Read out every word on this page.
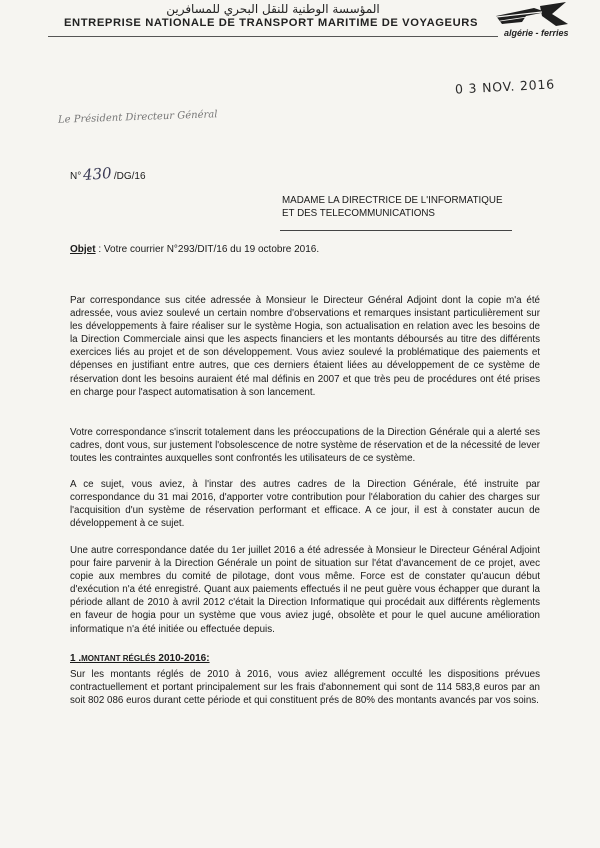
المؤسسة الوطنية للنقل البحري للمسافرين
ENTREPRISE NATIONALE DE TRANSPORT MARITIME DE VOYAGEURS
algérie - ferries
0 3 NOV. 2016
Le Président Directeur Général
N°430/DG/16
MADAME LA DIRECTRICE DE L'INFORMATIQUE
ET DES TELECOMMUNICATIONS
Objet : Votre courrier N°293/DIT/16 du 19 octobre 2016.

Par correspondance sus citée adressée à Monsieur le Directeur Général Adjoint dont la copie m'a été adressée, vous aviez soulevé un certain nombre d'observations et remarques insistant particulièrement sur les développements à faire réaliser sur le système Hogia, son actualisation en relation avec les besoins de la Direction Commerciale ainsi que les aspects financiers et les montants déboursés au titre des différents exercices liés au projet et de son développement. Vous aviez soulevé la problématique des paiements et dépenses en justifiant entre autres, que ces derniers étaient liées au développement de ce système de réservation dont les besoins auraient été mal définis en 2007 et que très peu de procédures ont été prises en charge pour l'aspect automatisation à son lancement.

Votre correspondance s'inscrit totalement dans les préoccupations de la Direction Générale qui a alerté ses cadres, dont vous, sur justement l'obsolescence de notre système de réservation et de la nécessité de lever toutes les contraintes auxquelles sont confrontés les utilisateurs de ce système.

A ce sujet, vous aviez, à l'instar des autres cadres de la Direction Générale, été instruite par correspondance du 31 mai 2016, d'apporter votre contribution pour l'élaboration du cahier des charges sur l'acquisition d'un système de réservation performant et efficace. A ce jour, il est à constater aucun de développement à ce sujet.

Une autre correspondance datée du 1er juillet 2016 a été adressée à Monsieur le Directeur Général Adjoint pour faire parvenir à la Direction Générale un point de situation sur l'état d'avancement de ce projet, avec copie aux membres du comité de pilotage, dont vous même. Force est de constater qu'aucun début d'exécution n'a été enregistré. Quant aux paiements effectués il ne peut guère vous échapper que durant la période allant de 2010 à avril 2012 c'était la Direction Informatique qui procédait aux différents règlements en faveur de hogia pour un système que vous aviez jugé, obsolète et pour le quel aucune amélioration informatique n'a été initiée ou effectuée depuis.

1 .MONTANT RÉGLÉS 2010-2016:

Sur les montants réglés de 2010 à 2016, vous aviez allégrement occulté les dispositions prévues contractuellement et portant principalement sur les frais d'abonnement qui sont de 114 583,8 euros par an soit 802 086 euros durant cette période et qui constituent prés de 80% des montants avancés par vos soins.
